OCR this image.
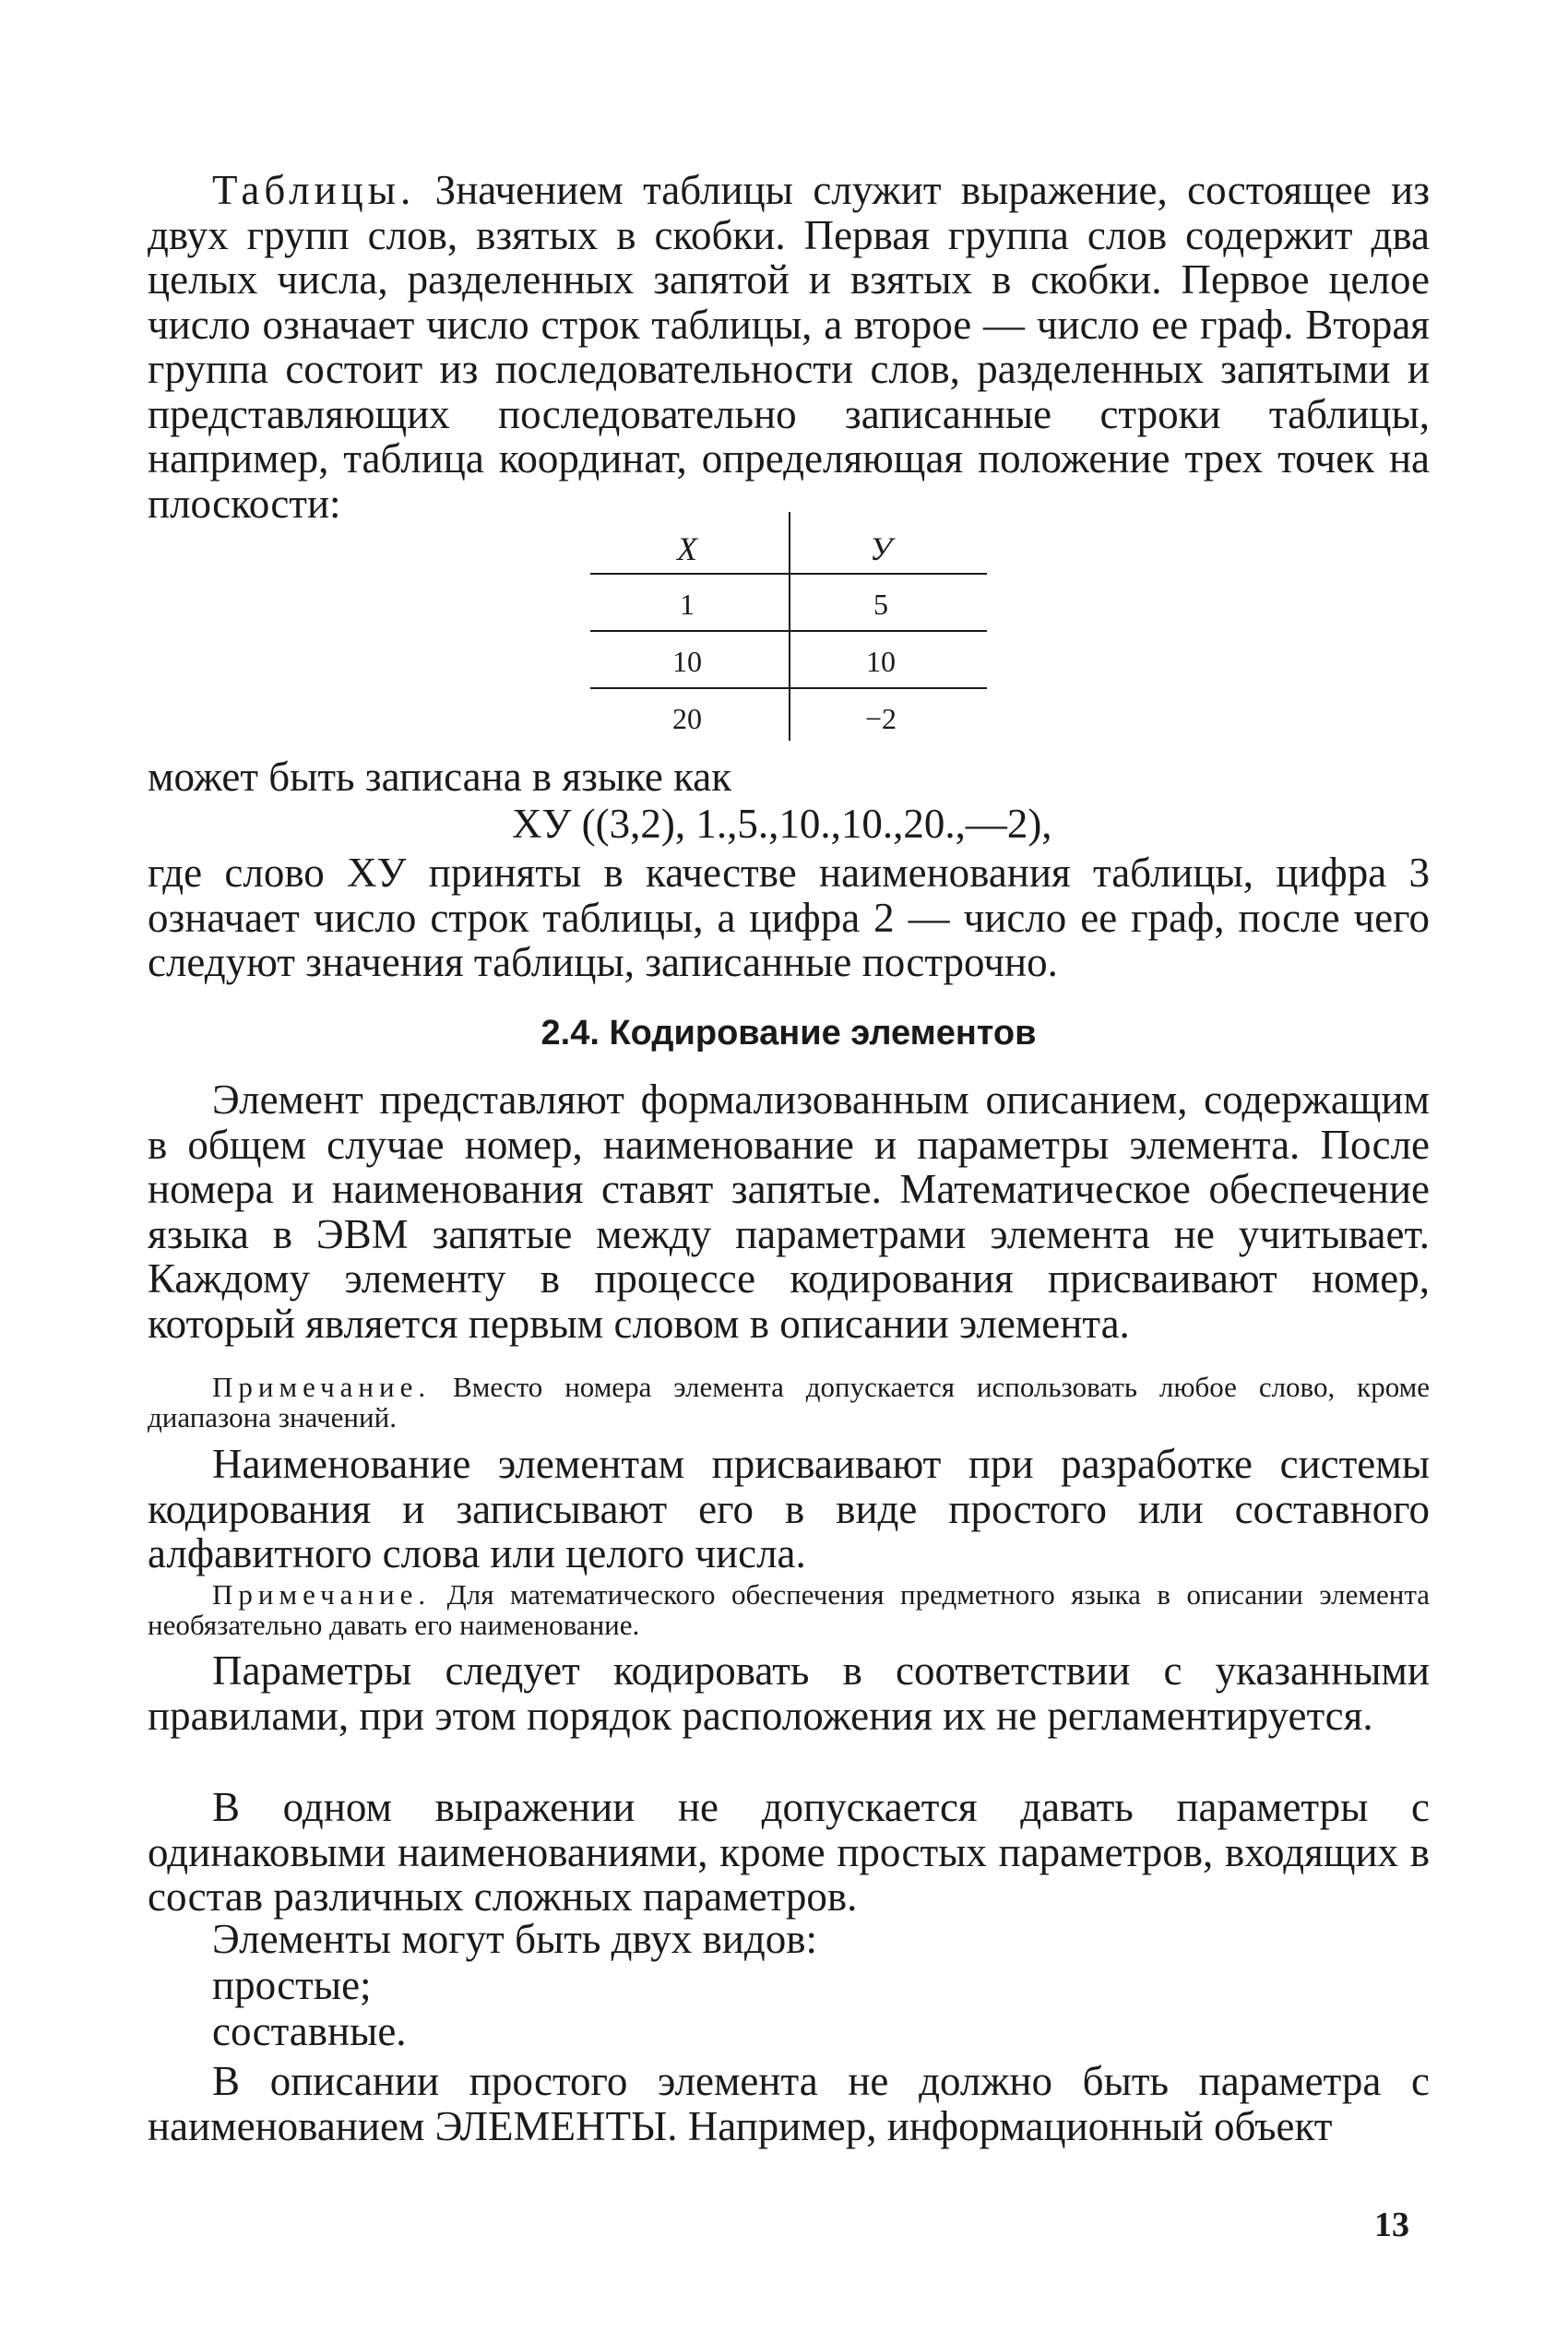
Таблицы. Значением таблицы служит выражение, состоящее из двух групп слов, взятых в скобки. Первая группа слов содержит два целых числа, разделенных запятой и взятых в скобки. Первое целое число означает число строк таблицы, а второе — число ее граф. Вторая группа состоит из последовательности слов, разделенных запятыми и представляющих последовательно записанные строки таблицы, например, таблица координат, определяющая положение трех точек на плоскости:

X	У
1	5
10	10
20	−2

может быть записана в языке как

ХУ ((3,2), 1.,5.,10.,10.,20.,—2),

где слово ХУ приняты в качестве наименования таблицы, цифра 3 означает число строк таблицы, а цифра 2 — число ее граф, после чего следуют значения таблицы, записанные построчно.

2.4. Кодирование элементов

Элемент представляют формализованным описанием, содержащим в общем случае номер, наименование и параметры элемента. После номера и наименования ставят запятые. Математическое обеспечение языка в ЭВМ запятые между параметрами элемента не учитывает. Каждому элементу в процессе кодирования присваивают номер, который является первым словом в описании элемента.

Примечание. Вместо номера элемента допускается использовать любое слово, кроме диапазона значений.

Наименование элементам присваивают при разработке системы кодирования и записывают его в виде простого или составного алфавитного слова или целого числа.

Примечание. Для математического обеспечения предметного языка в описании элемента необязательно давать его наименование.

Параметры следует кодировать в соответствии с указанными правилами, при этом порядок расположения их не регламентируется.

В одном выражении не допускается давать параметры с одинаковыми наименованиями, кроме простых параметров, входящих в состав различных сложных параметров.

Элементы могут быть двух видов:

простые;
составные.

В описании простого элемента не должно быть параметра с наименованием ЭЛЕМЕНТЫ. Например, информационный объект

13
